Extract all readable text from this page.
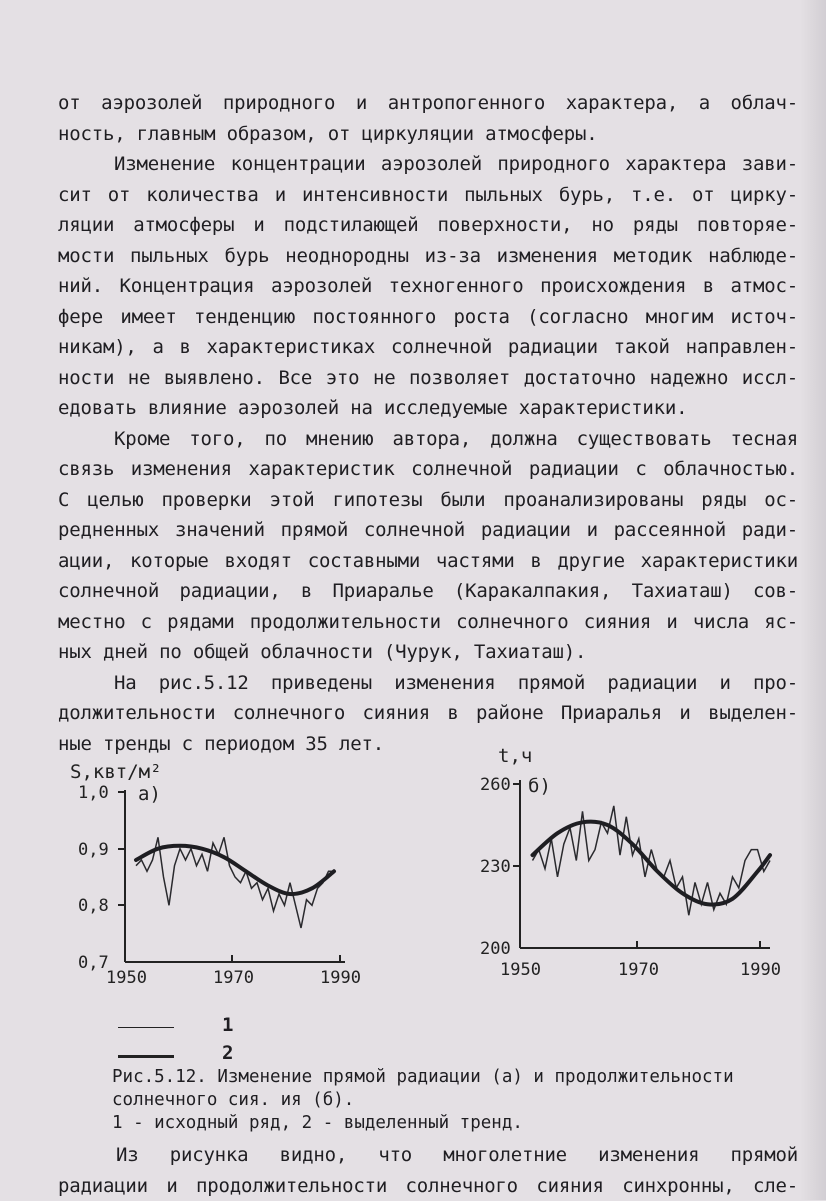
от аэрозолей природного и антропогенного характера, а облач-
ность, главным образом, от циркуляции атмосферы.
Изменение концентрации аэрозолей природного характера зави-
сит от количества и интенсивности пыльных бурь, т.е. от цирку-
ляции атмосферы и подстилающей поверхности, но ряды повторяе-
мости пыльных бурь неоднородны из-за изменения методик наблюде-
ний. Концентрация аэрозолей техногенного происхождения в атмос-
фере имеет тенденцию постоянного роста (согласно многим источ-
никам), а в характеристиках солнечной радиации такой направлен-
ности не выявлено. Все это не позволяет достаточно надежно иссл-
едовать влияние аэрозолей на исследуемые характеристики.
Кроме того, по мнению автора, должна существовать тесная
связь изменения характеристик солнечной радиации с облачностью.
С целью проверки этой гипотезы были проанализированы ряды ос-
редненных значений прямой солнечной радиации и рассеянной ради-
ации, которые входят составными частями в другие характеристики
солнечной радиации, в Приаралье (Каракалпакия, Тахиаташ) сов-
местно с рядами продолжительности солнечного сияния и числа яс-
ных дней по общей облачности (Чурук, Тахиаташ).
На рис.5.12 приведены изменения прямой радиации и про-
должительности солнечного сияния в районе Приаралья и выделен-
ные тренды с периодом 35 лет.
S,квт/м²
1,0
0,9
0,8
0,7
а)
1950	1970	1990
t,ч
260
230
200
б)
1950	1970	1990
1
2
Рис.5.12. Изменение прямой радиации (а) и продолжительности
солнечного сия. ия (б).
1 - исходный ряд, 2 - выделенный тренд.
Из рисунка видно, что многолетние изменения прямой
радиации и продолжительности солнечного сияния синхронны, сле-
